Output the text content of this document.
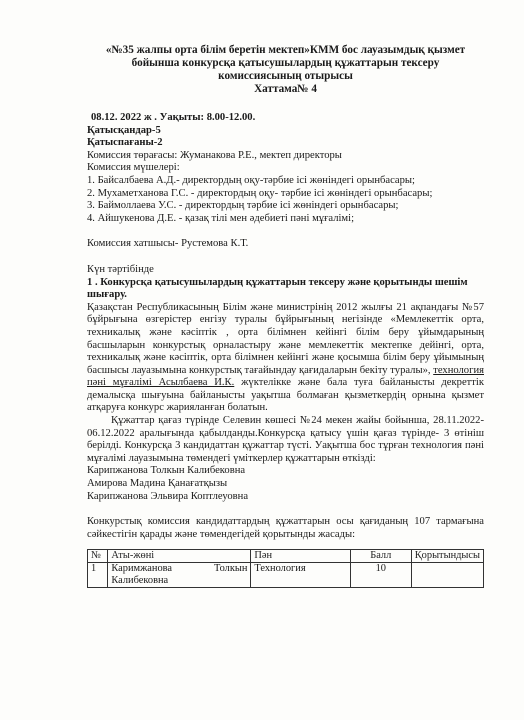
«№35 жалпы орта білім беретін мектеп»КММ бос лауазымдық қызмет
бойынша конкурсқа қатысушылардың құжаттарын тексеру
комиссиясының отырысы
Хаттама№ 4
08.12. 2022 ж . Уақыты: 8.00-12.00.
Қатысқандар-5
Қатыспағаны-2
Комиссия төрағасы: Жуманакова Р.Е., мектеп директоры
Комиссия мүшелері:
1. Байсалбаева А.Д.- директордың оқу-тәрбие ісі жөніндегі орынбасары;
2. Мухаметханова Г.С. - директордың оқу- тәрбие ісі жөніндегі орынбасары;
3. Баймоллаева У.С. - директордың тәрбие ісі жөніндегі орынбасары;
4. Айшукенова Д.Е. - қазақ тілі мен әдебиеті пәні мұғалімі;
Комиссия хатшысы- Рустемова К.Т.
Күн тәртібінде
1 . Конкурсқа қатысушылардың құжаттарын тексеру және қорытынды шешім шығару.
Қазақстан Республикасының Білім және министрінің 2012 жылғы 21 ақпандағы №57 бұйрығына өзгерістер енгізу туралы бұйрығының негізінде «Мемлекеттік орта, техникалық және кәсіптік , орта білімнен кейінгі білім беру ұйымдарының басшыларын конкурстық орналастыру және мемлекеттік мектепке дейінгі, орта, техникалық және кәсіптік, орта білімнен кейінгі және қосымша білім беру ұйымының басшысы лауазымына конкурстық тағайындау қағидаларын бекіту туралы», технология пәні мұғалімі Асылбаева И.К. жүктелікке және бала туға байланысты декреттік демалысқа шығуына байланысты уақытша болмаған қызметкердің орнына қызмет атқаруға конкурс жарияланған болатын.
Құжаттар қағаз түрінде Селевин көшесі №24 мекен жайы бойынша, 28.11.2022-06.12.2022 аралығында қабылданды.Конкурсқа қатысу үшін қағаз түрінде- 3 өтініш берілді. Конкурсқа 3 кандидаттан құжаттар түсті. Уақытша бос тұрған технология пәні мұғалімі лауазымына төмендегі үміткерлер құжаттарын өткізді:
Карипжанова Толкын Калибековна
Амирова Мадина Қанағатқызы
Карипжанова Эльвира Коптлеуовна
Конкурстық комиссия кандидаттардың құжаттарын осы қағиданың 107 тармағына сәйкестігін қарады және төмендегідей қорытынды жасады:
№	Аты-жөні	Пән	Балл	Қорытындысы
1	Каримжанова Толкын Калибековна	Технология	10	
